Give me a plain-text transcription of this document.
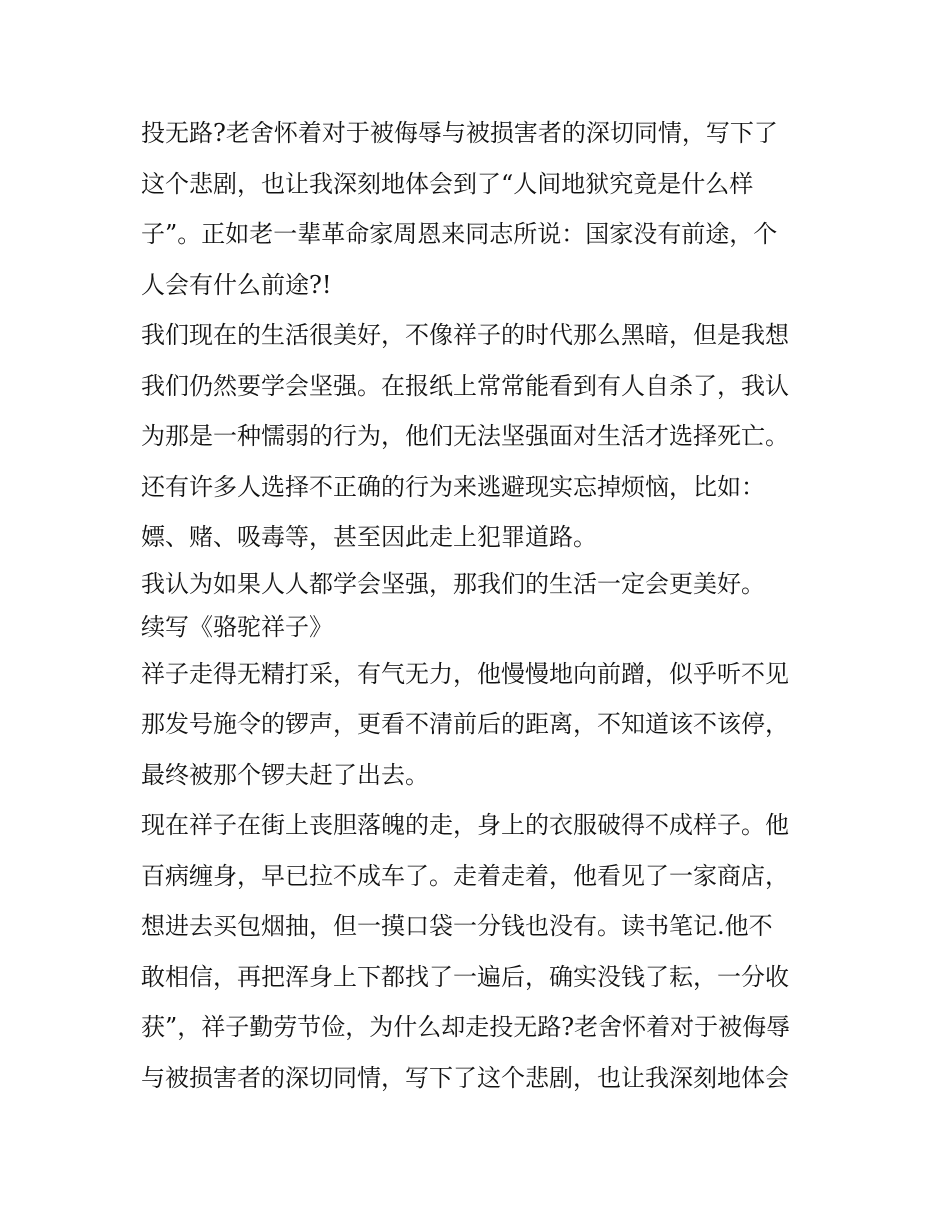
投无路?老舍怀着对于被侮辱与被损害者的深切同情，写下了
这个悲剧，也让我深刻地体会到了“人间地狱究竟是什么样
子”。正如老一辈革命家周恩来同志所说：国家没有前途，个
人会有什么前途?!
我们现在的生活很美好，不像祥子的时代那么黑暗，但是我想
我们仍然要学会坚强。在报纸上常常能看到有人自杀了，我认
为那是一种懦弱的行为，他们无法坚强面对生活才选择死亡。
还有许多人选择不正确的行为来逃避现实忘掉烦恼，比如：
嫖、赌、吸毒等，甚至因此走上犯罪道路。
我认为如果人人都学会坚强，那我们的生活一定会更美好。
续写《骆驼祥子》
祥子走得无精打采，有气无力，他慢慢地向前蹭，似乎听不见
那发号施令的锣声，更看不清前后的距离，不知道该不该停，
最终被那个锣夫赶了出去。
现在祥子在街上丧胆落魄的走，身上的衣服破得不成样子。他
百病缠身，早已拉不成车了。走着走着，他看见了一家商店，
想进去买包烟抽，但一摸口袋一分钱也没有。读书笔记.他不
敢相信，再把浑身上下都找了一遍后，确实没钱了耘，一分收
获”，祥子勤劳节俭，为什么却走投无路?老舍怀着对于被侮辱
与被损害者的深切同情，写下了这个悲剧，也让我深刻地体会
